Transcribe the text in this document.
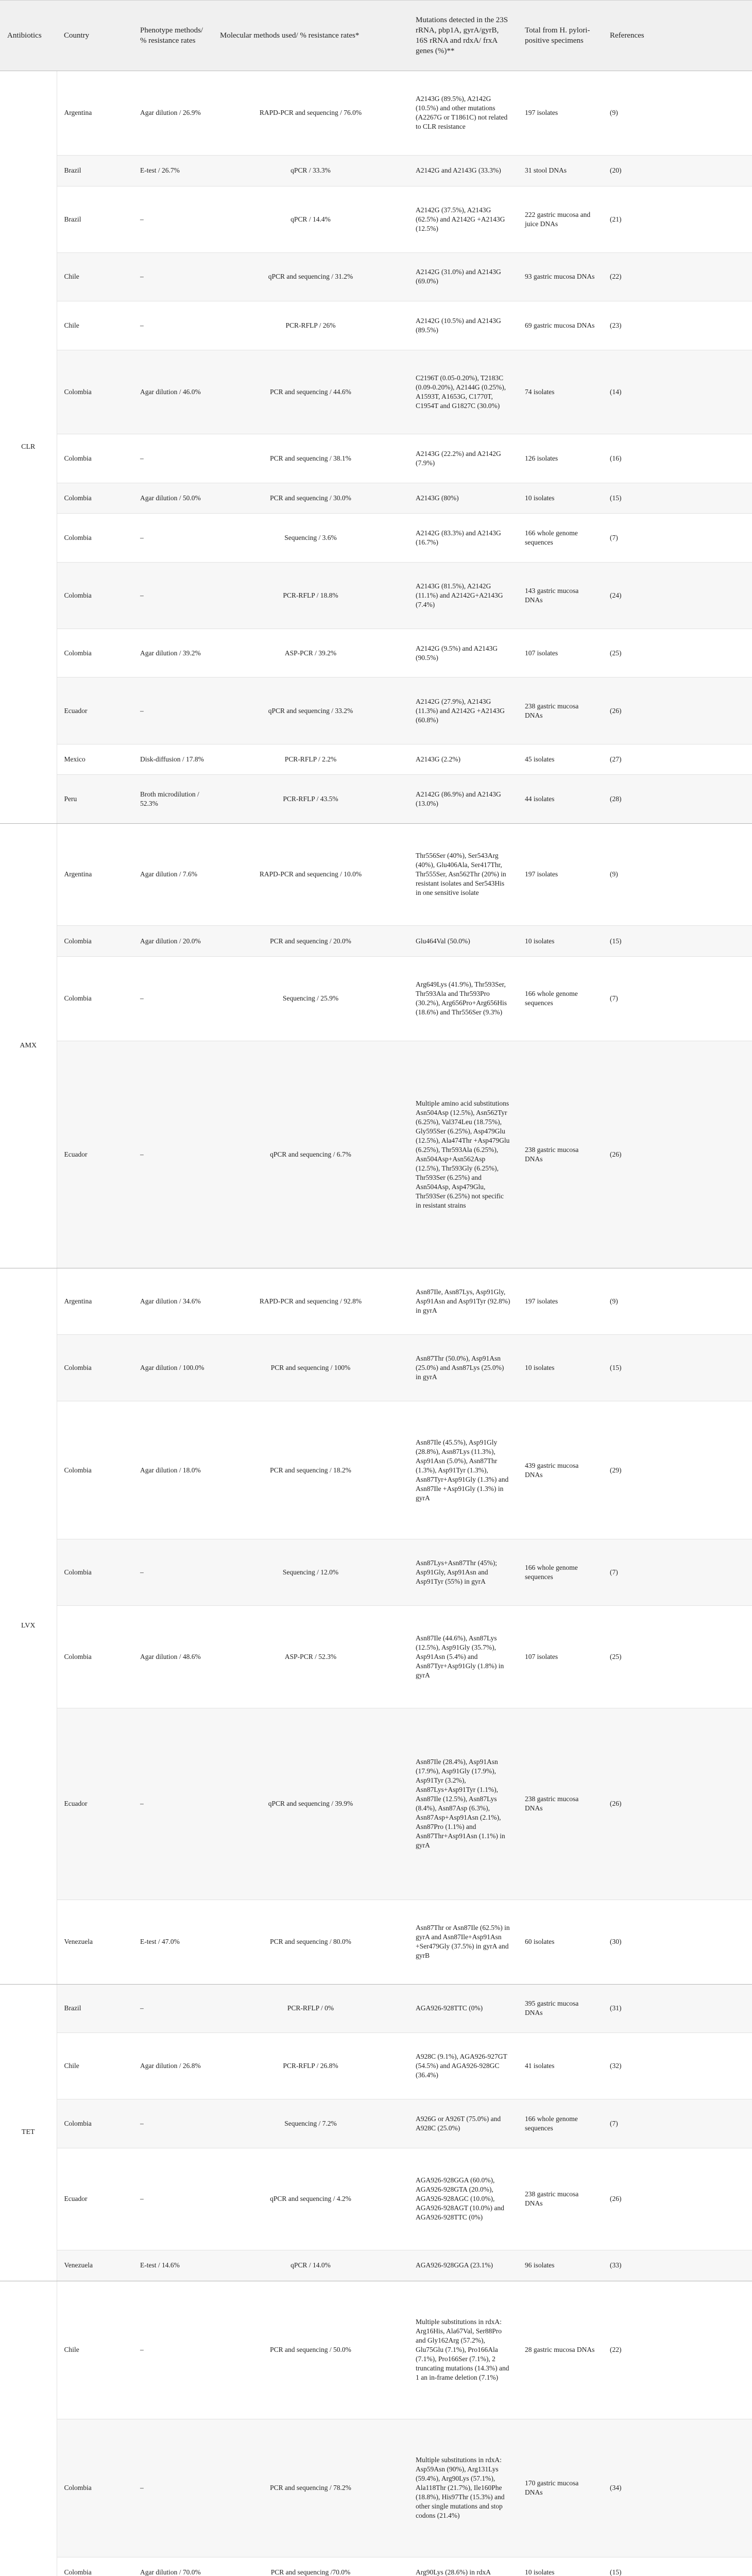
Antibiotics	Country	Phenotype methods/ % resistance rates	Molecular methods used/ % resistance rates*	Mutations detected in the 23S rRNA, pbp1A, gyrA/gyrB, 16S rRNA and rdxA/ frxA genes (%)**	Total from H. pylori-positive specimens	References
CLR	Argentina	Agar dilution / 26.9%	RAPD-PCR and sequencing / 76.0%	A2143G (89.5%), A2142G (10.5%) and other mutations (A2267G or T1861C) not related to CLR resistance	197 isolates	(9)
	Brazil	E-test / 26.7%	qPCR / 33.3%	A2142G and A2143G (33.3%)	31 stool DNAs	(20)
	Brazil	–	qPCR / 14.4%	A2142G (37.5%), A2143G (62.5%) and A2142G +A2143G (12.5%)	222 gastric mucosa and juice DNAs	(21)
	Chile	–	qPCR and sequencing / 31.2%	A2142G (31.0%) and A2143G (69.0%)	93 gastric mucosa DNAs	(22)
	Chile	–	PCR-RFLP / 26%	A2142G (10.5%) and A2143G (89.5%)	69 gastric mucosa DNAs	(23)
	Colombia	Agar dilution / 46.0%	PCR and sequencing / 44.6%	C2196T (0.05-0.20%), T2183C (0.09-0.20%), A2144G (0.25%), A1593T, A1653G, C1770T, C1954T and G1827C (30.0%)	74 isolates	(14)
	Colombia	–	PCR and sequencing / 38.1%	A2143G (22.2%) and A2142G (7.9%)	126 isolates	(16)
	Colombia	Agar dilution / 50.0%	PCR and sequencing / 30.0%	A2143G (80%)	10 isolates	(15)
	Colombia	–	Sequencing / 3.6%	A2142G (83.3%) and A2143G (16.7%)	166 whole genome sequences	(7)
	Colombia	–	PCR-RFLP / 18.8%	A2143G (81.5%), A2142G (11.1%) and A2142G+A2143G (7.4%)	143 gastric mucosa DNAs	(24)
	Colombia	Agar dilution / 39.2%	ASP-PCR / 39.2%	A2142G (9.5%) and A2143G (90.5%)	107 isolates	(25)
	Ecuador	–	qPCR and sequencing / 33.2%	A2142G (27.9%), A2143G (11.3%) and A2142G +A2143G (60.8%)	238 gastric mucosa DNAs	(26)
	Mexico	Disk-diffusion / 17.8%	PCR-RFLP / 2.2%	A2143G (2.2%)	45 isolates	(27)
	Peru	Broth microdilution / 52.3%	PCR-RFLP / 43.5%	A2142G (86.9%) and A2143G (13.0%)	44 isolates	(28)
AMX	Argentina	Agar dilution / 7.6%	RAPD-PCR and sequencing / 10.0%	Thr556Ser (40%), Ser543Arg (40%), Glu406Ala, Ser417Thr, Thr555Ser, Asn562Thr (20%) in resistant isolates and Ser543His in one sensitive isolate	197 isolates	(9)
	Colombia	Agar dilution / 20.0%	PCR and sequencing / 20.0%	Glu464Val (50.0%)	10 isolates	(15)
	Colombia	–	Sequencing / 25.9%	Arg649Lys (41.9%), Thr593Ser, Thr593Ala and Thr593Pro (30.2%), Arg656Pro+Arg656His (18.6%) and Thr556Ser (9.3%)	166 whole genome sequences	(7)
	Ecuador	–	qPCR and sequencing / 6.7%	Multiple amino acid substitutions Asn504Asp (12.5%), Asn562Tyr (6.25%), Val374Leu (18.75%), Gly595Ser (6.25%), Asp479Glu (12.5%), Ala474Thr +Asp479Glu (6.25%), Thr593Ala (6.25%), Asn504Asp+Asn562Asp (12.5%), Thr593Gly (6.25%), Thr593Ser (6.25%) and Asn504Asp, Asp479Glu, Thr593Ser (6.25%) not specific in resistant strains	238 gastric mucosa DNAs	(26)
LVX	Argentina	Agar dilution / 34.6%	RAPD-PCR and sequencing / 92.8%	Asn87Ile, Asn87Lys, Asp91Gly, Asp91Asn and Asp91Tyr (92.8%) in gyrA	197 isolates	(9)
	Colombia	Agar dilution / 100.0%	PCR and sequencing / 100%	Asn87Thr (50.0%), Asp91Asn (25.0%) and Asn87Lys (25.0%) in gyrA	10 isolates	(15)
	Colombia	Agar dilution / 18.0%	PCR and sequencing / 18.2%	Asn87Ile (45.5%), Asp91Gly (28.8%), Asn87Lys (11.3%), Asp91Asn (5.0%), Asn87Thr (1.3%), Asp91Tyr (1.3%), Asn87Tyr+Asp91Gly (1.3%) and Asn87Ile +Asp91Gly (1.3%) in gyrA	439 gastric mucosa DNAs	(29)
	Colombia	–	Sequencing / 12.0%	Asn87Lys+Asn87Thr (45%); Asp91Gly, Asp91Asn and Asp91Tyr (55%) in gyrA	166 whole genome sequences	(7)
	Colombia	Agar dilution / 48.6%	ASP-PCR / 52.3%	Asn87Ile (44.6%), Asn87Lys (12.5%), Asp91Gly (35.7%), Asp91Asn (5.4%) and Asn87Tyr+Asp91Gly (1.8%) in gyrA	107 isolates	(25)
	Ecuador	–	qPCR and sequencing / 39.9%	Asn87Ile (28.4%), Asp91Asn (17.9%), Asp91Gly (17.9%), Asp91Tyr (3.2%), Asn87Lys+Asp91Tyr (1.1%), Asn87Ile (12.5%), Asn87Lys (8.4%), Asn87Asp (6.3%), Asn87Asp+Asp91Asn (2.1%), Asn87Pro (1.1%) and Asn87Thr+Asp91Asn (1.1%) in gyrA	238 gastric mucosa DNAs	(26)
	Venezuela	E-test / 47.0%	PCR and sequencing / 80.0%	Asn87Thr or Asn87Ile (62.5%) in gyrA and Asn87Ile+Asp91Asn +Ser479Gly (37.5%) in gyrA and gyrB	60 isolates	(30)
TET	Brazil	–	PCR-RFLP / 0%	AGA926-928TTC (0%)	395 gastric mucosa DNAs	(31)
	Chile	Agar dilution / 26.8%	PCR-RFLP / 26.8%	A928C (9.1%), AGA926-927GT (54.5%) and AGA926-928GC (36.4%)	41 isolates	(32)
	Colombia	–	Sequencing / 7.2%	A926G or A926T (75.0%) and A928C (25.0%)	166 whole genome sequences	(7)
	Ecuador	–	qPCR and sequencing / 4.2%	AGA926-928GGA (60.0%), AGA926-928GTA (20.0%), AGA926-928AGC (10.0%), AGA926-928AGT (10.0%) and AGA926-928TTC (0%)	238 gastric mucosa DNAs	(26)
	Venezuela	E-test / 14.6%	qPCR / 14.0%	AGA926-928GGA (23.1%)	96 isolates	(33)
	Chile	–	PCR and sequencing / 50.0%	Multiple substitutions in rdxA: Arg16His, Ala67Val, Ser88Pro and Gly162Arg (57.2%), Glu75Glu (7.1%), Pro166Ala (7.1%), Pro166Ser (7.1%), 2 truncating mutations (14.3%) and 1 an in-frame deletion (7.1%)	28 gastric mucosa DNAs	(22)
	Colombia	–	PCR and sequencing / 78.2%	Multiple substitutions in rdxA: Asp59Asn (90%), Arg131Lys (59.4%), Arg90Lys (57.1%), Ala118Thr (21.7%), Ile160Phe (18.8%), His97Thr (15.3%) and other single mutations and stop codons (21.4%)	170 gastric mucosa DNAs	(34)
	Colombia	Agar dilution / 70.0%	PCR and sequencing /70.0%	Arg90Lys (28.6%) in rdxA	10 isolates	(15)
